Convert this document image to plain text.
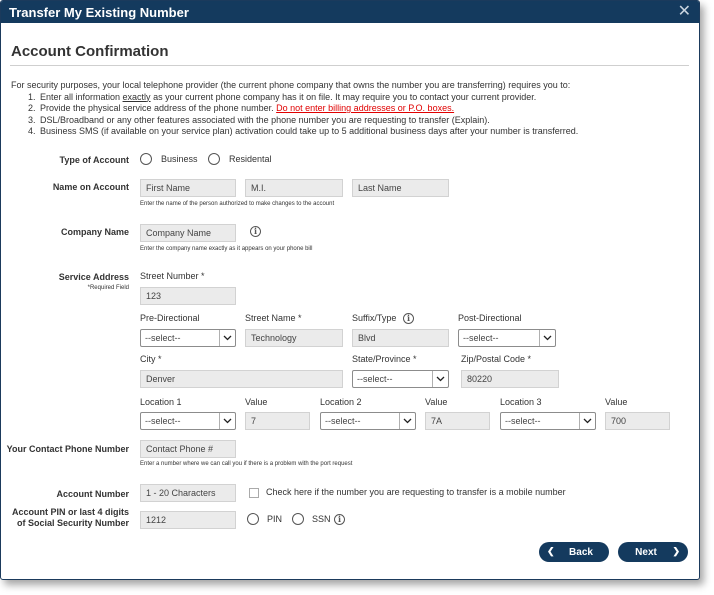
Transfer My Existing Number	✕
Account Confirmation
For security purposes, your local telephone provider (the current phone company that owns the number you are transferring) requires you to:
1. Enter all information exactly as your current phone company has it on file. It may require you to contact your current provider.
2. Provide the physical service address of the phone number. Do not enter billing addresses or P.O. boxes.
3. DSL/Broadband or any other features associated with the phone number you are requesting to transfer (Explain).
4. Business SMS (if available on your service plan) activation could take up to 5 additional business days after your number is transferred.
Type of Account	Business	Residental
Name on Account	First Name	M.I.	Last Name
Enter the name of the person authorized to make changes to the account
Company Name	Company Name	i
Enter the company name exactly as it appears on your phone bill
Service Address
*Required Field
Street Number *
123
Pre-Directional
--select--
Street Name *
Technology
Suffix/Type	i
Blvd
Post-Directional
--select--
City *
Denver
State/Province *
--select--
Zip/Postal Code *
80220
Location 1
--select--
Value
7
Location 2
--select--
Value
7A
Location 3
--select--
Value
700
Your Contact Phone Number	Contact Phone #
Enter a number where we can call you if there is a problem with the port request
Account Number	1 - 20 Characters	Check here if the number you are requesting to transfer is a mobile number
Account PIN or last 4 digits
of Social Security Number	1212	PIN	SSN i
❮ Back	Next ❯
